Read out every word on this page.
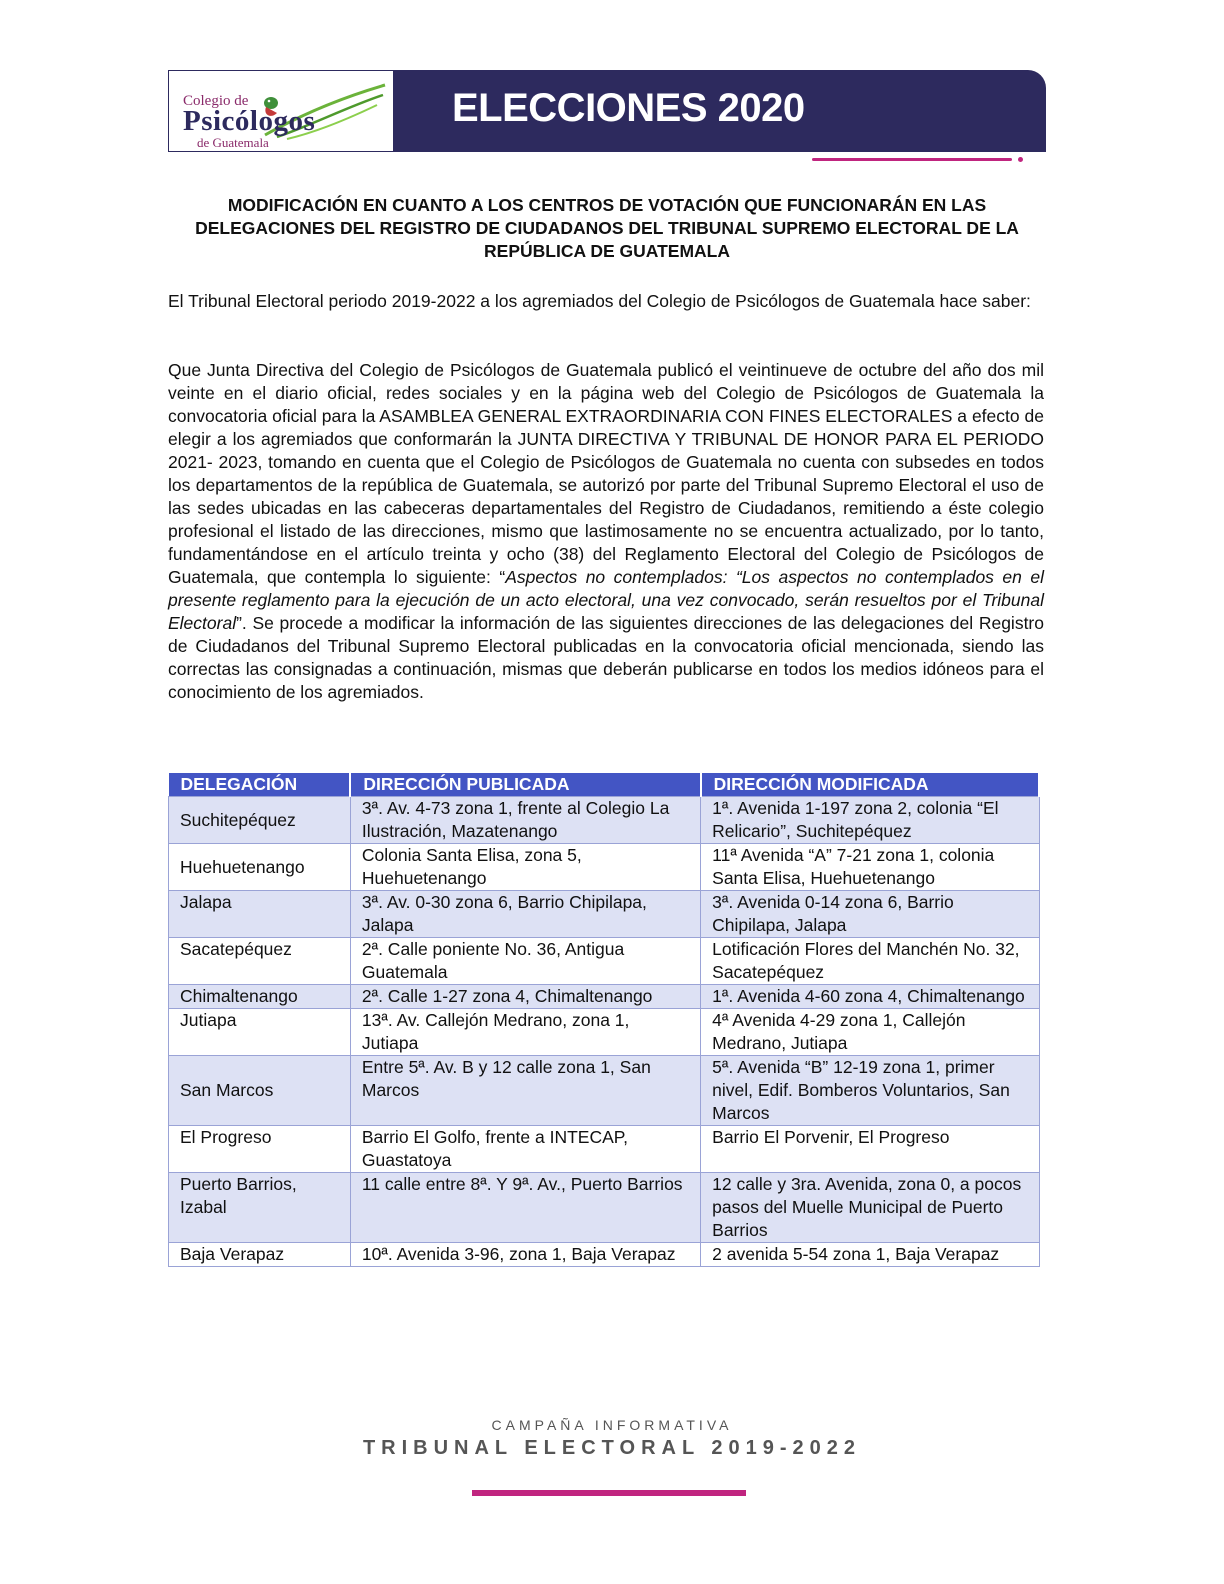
Colegio de
Psicólogos
de Guatemala
ELECCIONES 2020
MODIFICACIÓN EN CUANTO A LOS CENTROS DE VOTACIÓN QUE FUNCIONARÁN EN LAS DELEGACIONES DEL REGISTRO DE CIUDADANOS DEL TRIBUNAL SUPREMO ELECTORAL DE LA REPÚBLICA DE GUATEMALA
El Tribunal Electoral periodo 2019-2022 a los agremiados del Colegio de Psicólogos de Guatemala hace saber:
Que Junta Directiva del Colegio de Psicólogos de Guatemala publicó el veintinueve de octubre del año dos mil veinte en el diario oficial, redes sociales y en la página web del Colegio de Psicólogos de Guatemala la convocatoria oficial para la ASAMBLEA GENERAL EXTRAORDINARIA CON FINES ELECTORALES a efecto de elegir a los agremiados que conformarán la JUNTA DIRECTIVA Y TRIBUNAL DE HONOR PARA EL PERIODO 2021- 2023, tomando en cuenta que el Colegio de Psicólogos de Guatemala no cuenta con subsedes en todos los departamentos de la república de Guatemala, se autorizó por parte del Tribunal Supremo Electoral el uso de las sedes ubicadas en las cabeceras departamentales del Registro de Ciudadanos, remitiendo a éste colegio profesional el listado de las direcciones, mismo que lastimosamente no se encuentra actualizado, por lo tanto, fundamentándose en el artículo treinta y ocho (38) del Reglamento Electoral del Colegio de Psicólogos de Guatemala, que contempla lo siguiente: “Aspectos no contemplados: “Los aspectos no contemplados en el presente reglamento para la ejecución de un acto electoral, una vez convocado, serán resueltos por el Tribunal Electoral”. Se procede a modificar la información de las siguientes direcciones de las delegaciones del Registro de Ciudadanos del Tribunal Supremo Electoral publicadas en la convocatoria oficial mencionada, siendo las correctas las consignadas a continuación, mismas que deberán publicarse en todos los medios idóneos para el conocimiento de los agremiados.
DELEGACIÓN	DIRECCIÓN PUBLICADA	DIRECCIÓN MODIFICADA
Suchitepéquez	3ª. Av. 4-73 zona 1, frente al Colegio La Ilustración, Mazatenango	1ª. Avenida 1-197 zona 2, colonia “El Relicario”, Suchitepéquez
Huehuetenango	Colonia Santa Elisa, zona 5, Huehuetenango	11ª Avenida “A” 7-21 zona 1, colonia Santa Elisa, Huehuetenango
Jalapa	3ª. Av. 0-30 zona 6, Barrio Chipilapa, Jalapa	3ª. Avenida 0-14 zona 6, Barrio Chipilapa, Jalapa
Sacatepéquez	2ª. Calle poniente No. 36, Antigua Guatemala	Lotificación Flores del Manchén No. 32, Sacatepéquez
Chimaltenango	2ª. Calle 1-27 zona 4, Chimaltenango	1ª. Avenida 4-60 zona 4, Chimaltenango
Jutiapa	13ª. Av. Callejón Medrano, zona 1, Jutiapa	4ª Avenida 4-29 zona 1, Callejón Medrano, Jutiapa
San Marcos	Entre 5ª. Av. B y 12 calle zona 1, San Marcos	5ª. Avenida “B” 12-19 zona 1, primer nivel, Edif. Bomberos Voluntarios, San Marcos
El Progreso	Barrio El Golfo, frente a INTECAP, Guastatoya	Barrio El Porvenir, El Progreso
Puerto Barrios, Izabal	11 calle entre 8ª. Y 9ª. Av., Puerto Barrios	12 calle y 3ra. Avenida, zona 0, a pocos pasos del Muelle Municipal de Puerto Barrios
Baja Verapaz	10ª. Avenida 3-96, zona 1, Baja Verapaz	2 avenida 5-54 zona 1, Baja Verapaz
CAMPAÑA INFORMATIVA
TRIBUNAL ELECTORAL 2019-2022
